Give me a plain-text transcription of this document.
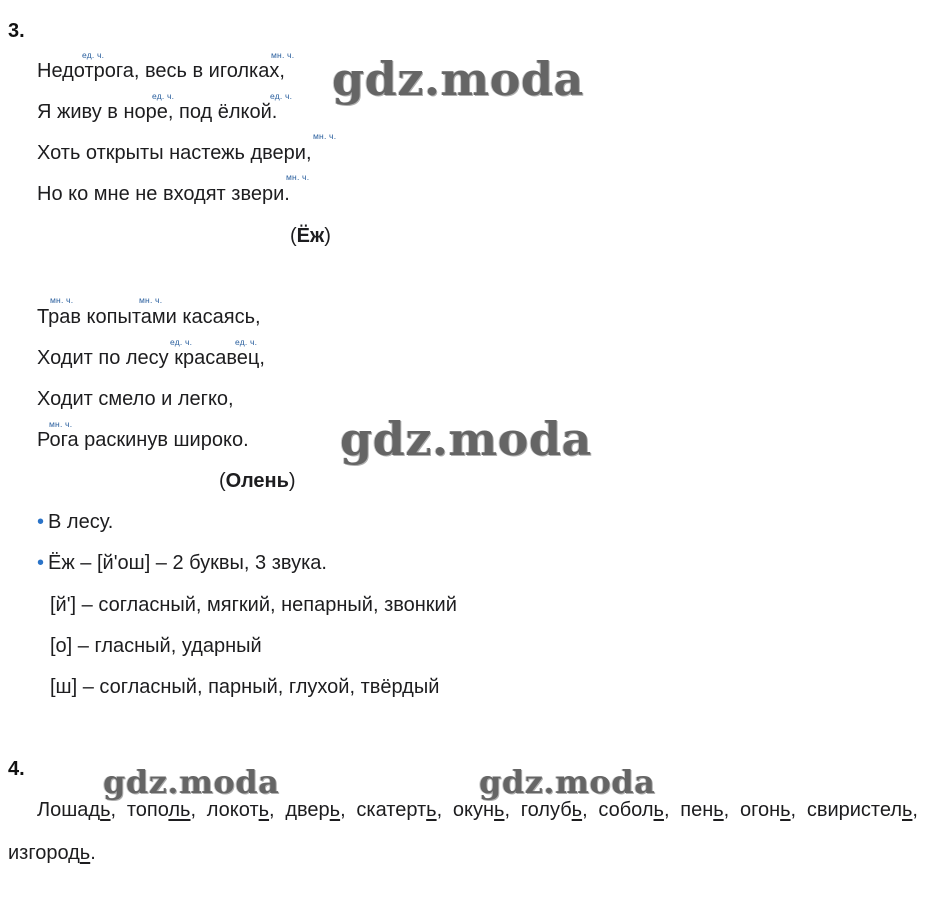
3.
ед. ч.	мн. ч.
ед. ч.	ед. ч.
мн. ч.
мн. ч.
Недотрога, весь в иголках,
Я живу в норе, под ёлкой.
Хоть открыты настежь двери,
Но ко мне не входят звери.
(Ёж)
мн. ч.	мн. ч.
ед. ч.	ед. ч.
мн. ч.
Трав копытами касаясь,
Ходит по лесу красавец,
Ходит смело и легко,
Рога раскинув широко.
(Олень)
• В лесу.
• Ёж – [й'ош] – 2 буквы, 3 звука.
[й'] – согласный, мягкий, непарный, звонкий
[о] – гласный, ударный
[ш] – согласный, парный, глухой, твёрдый
4.
Лошадь, тополь, локоть, дверь, скатерть, окунь, голубь, соболь, пень, огонь, свиристель, изгородь.
gdz.moda
gdz.moda
gdz.moda	gdz.moda
